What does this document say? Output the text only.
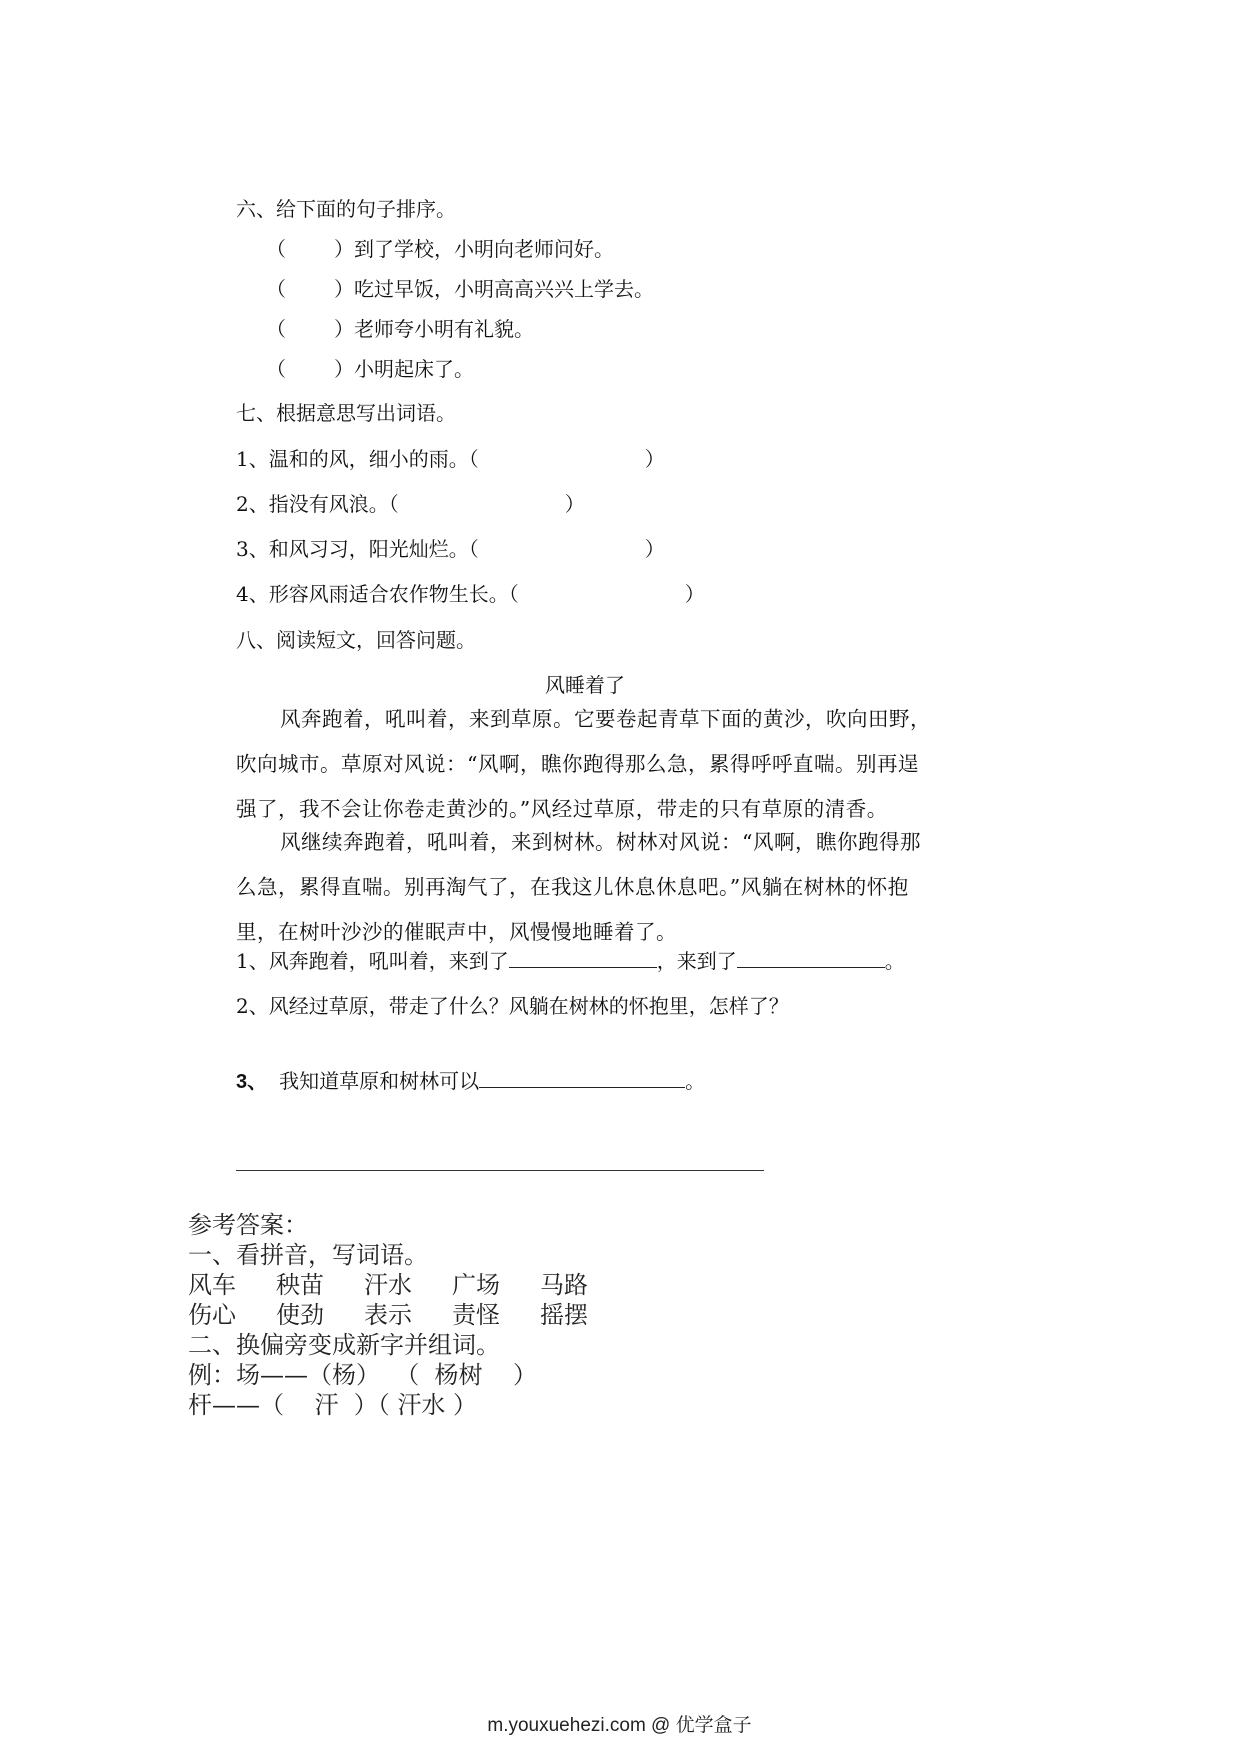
六、给下面的句子排序。
（ ）到了学校，小明向老师问好。
（ ）吃过早饭，小明高高兴兴上学去。
（ ）老师夸小明有礼貌。
（ ）小明起床了。
七、根据意思写出词语。
1、温和的风，细小的雨。（	）
2、指没有风浪。（	）
3、和风习习，阳光灿烂。（	）
4、形容风雨适合农作物生长。（	）
八、阅读短文，回答问题。
风睡着了
风奔跑着，吼叫着，来到草原。它要卷起青草下面的黄沙，吹向田野，吹向城市。草原对风说：“风啊，瞧你跑得那么急，累得呼呼直喘。别再逞强了，我不会让你卷走黄沙的。”风经过草原，带走的只有草原的清香。
风继续奔跑着，吼叫着，来到树林。树林对风说：“风啊，瞧你跑得那么急，累得直喘。别再淘气了，在我这儿休息休息吧。”风躺在树林的怀抱里，在树叶沙沙的催眠声中，风慢慢地睡着了。
1、风奔跑着，吼叫着，来到了	，来到了	。
2、风经过草原，带走了什么？风躺在树林的怀抱里，怎样了？
3、 我知道草原和树林可以	。
参考答案：
一、看拼音，写词语。
风车 秧苗 汗水 广场 马路
伤心 使劲 表示 责怪 摇摆
二、换偏旁变成新字并组词。
例：场——（杨）  （  杨树    ）
杆——（    汗  ）（ 汗水 ）
m.youxuehezi.com @ 优学盒子
